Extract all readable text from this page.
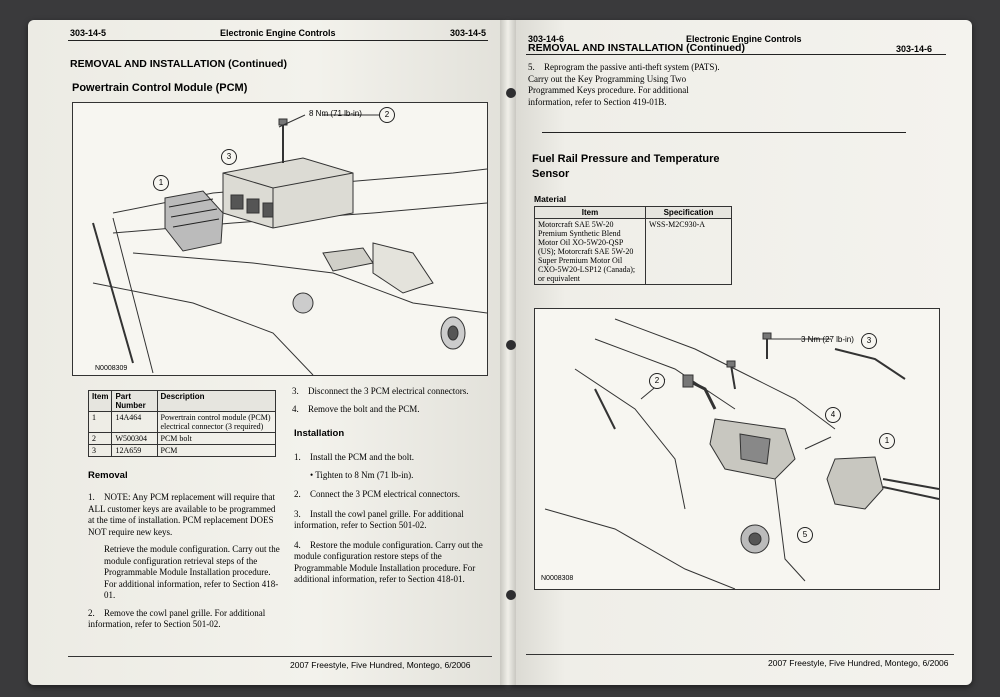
303-14-5	Electronic Engine Controls	303-14-5
REMOVAL AND INSTALLATION (Continued)
Powertrain Control Module (PCM)
1
2
3
8 Nm (71 lb-in)
N0008309
Item	Part Number	Description
1	14A464	Powertrain control module (PCM) electrical connector (3 required)
2	W500304	PCM bolt
3	12A659	PCM
Removal
1. NOTE: Any PCM replacement will require that ALL customer keys are available to be programmed at the time of installation. PCM replacement DOES NOT require new keys.
Retrieve the module configuration. Carry out the module configuration retrieval steps of the Programmable Module Installation procedure. For additional information, refer to Section 418-01.
2. Remove the cowl panel grille. For additional information, refer to Section 501-02.
3. Disconnect the 3 PCM electrical connectors.
4. Remove the bolt and the PCM.
Installation
1. Install the PCM and the bolt.
• Tighten to 8 Nm (71 lb-in).
2. Connect the 3 PCM electrical connectors.
3. Install the cowl panel grille. For additional information, refer to Section 501-02.
4. Restore the module configuration. Carry out the module configuration restore steps of the Programmable Module Installation procedure. For additional information, refer to Section 418-01.
2007 Freestyle, Five Hundred, Montego, 6/2006
303-14-6	Electronic Engine Controls
303-14-6
REMOVAL AND INSTALLATION (Continued)
5. Reprogram the passive anti-theft system (PATS). Carry out the Key Programming Using Two Programmed Keys procedure. For additional information, refer to Section 419-01B.
Fuel Rail Pressure and Temperature Sensor
Material
Item	Specification
Motorcraft SAE 5W-20 Premium Synthetic Blend Motor Oil XO-5W20-QSP (US); Motorcraft SAE 5W-20 Super Premium Motor Oil CXO-5W20-LSP12 (Canada); or equivalent	WSS-M2C930-A
1
2
3
4
5
3 Nm (27 lb-in)
N0008308
2007 Freestyle, Five Hundred, Montego, 6/2006
